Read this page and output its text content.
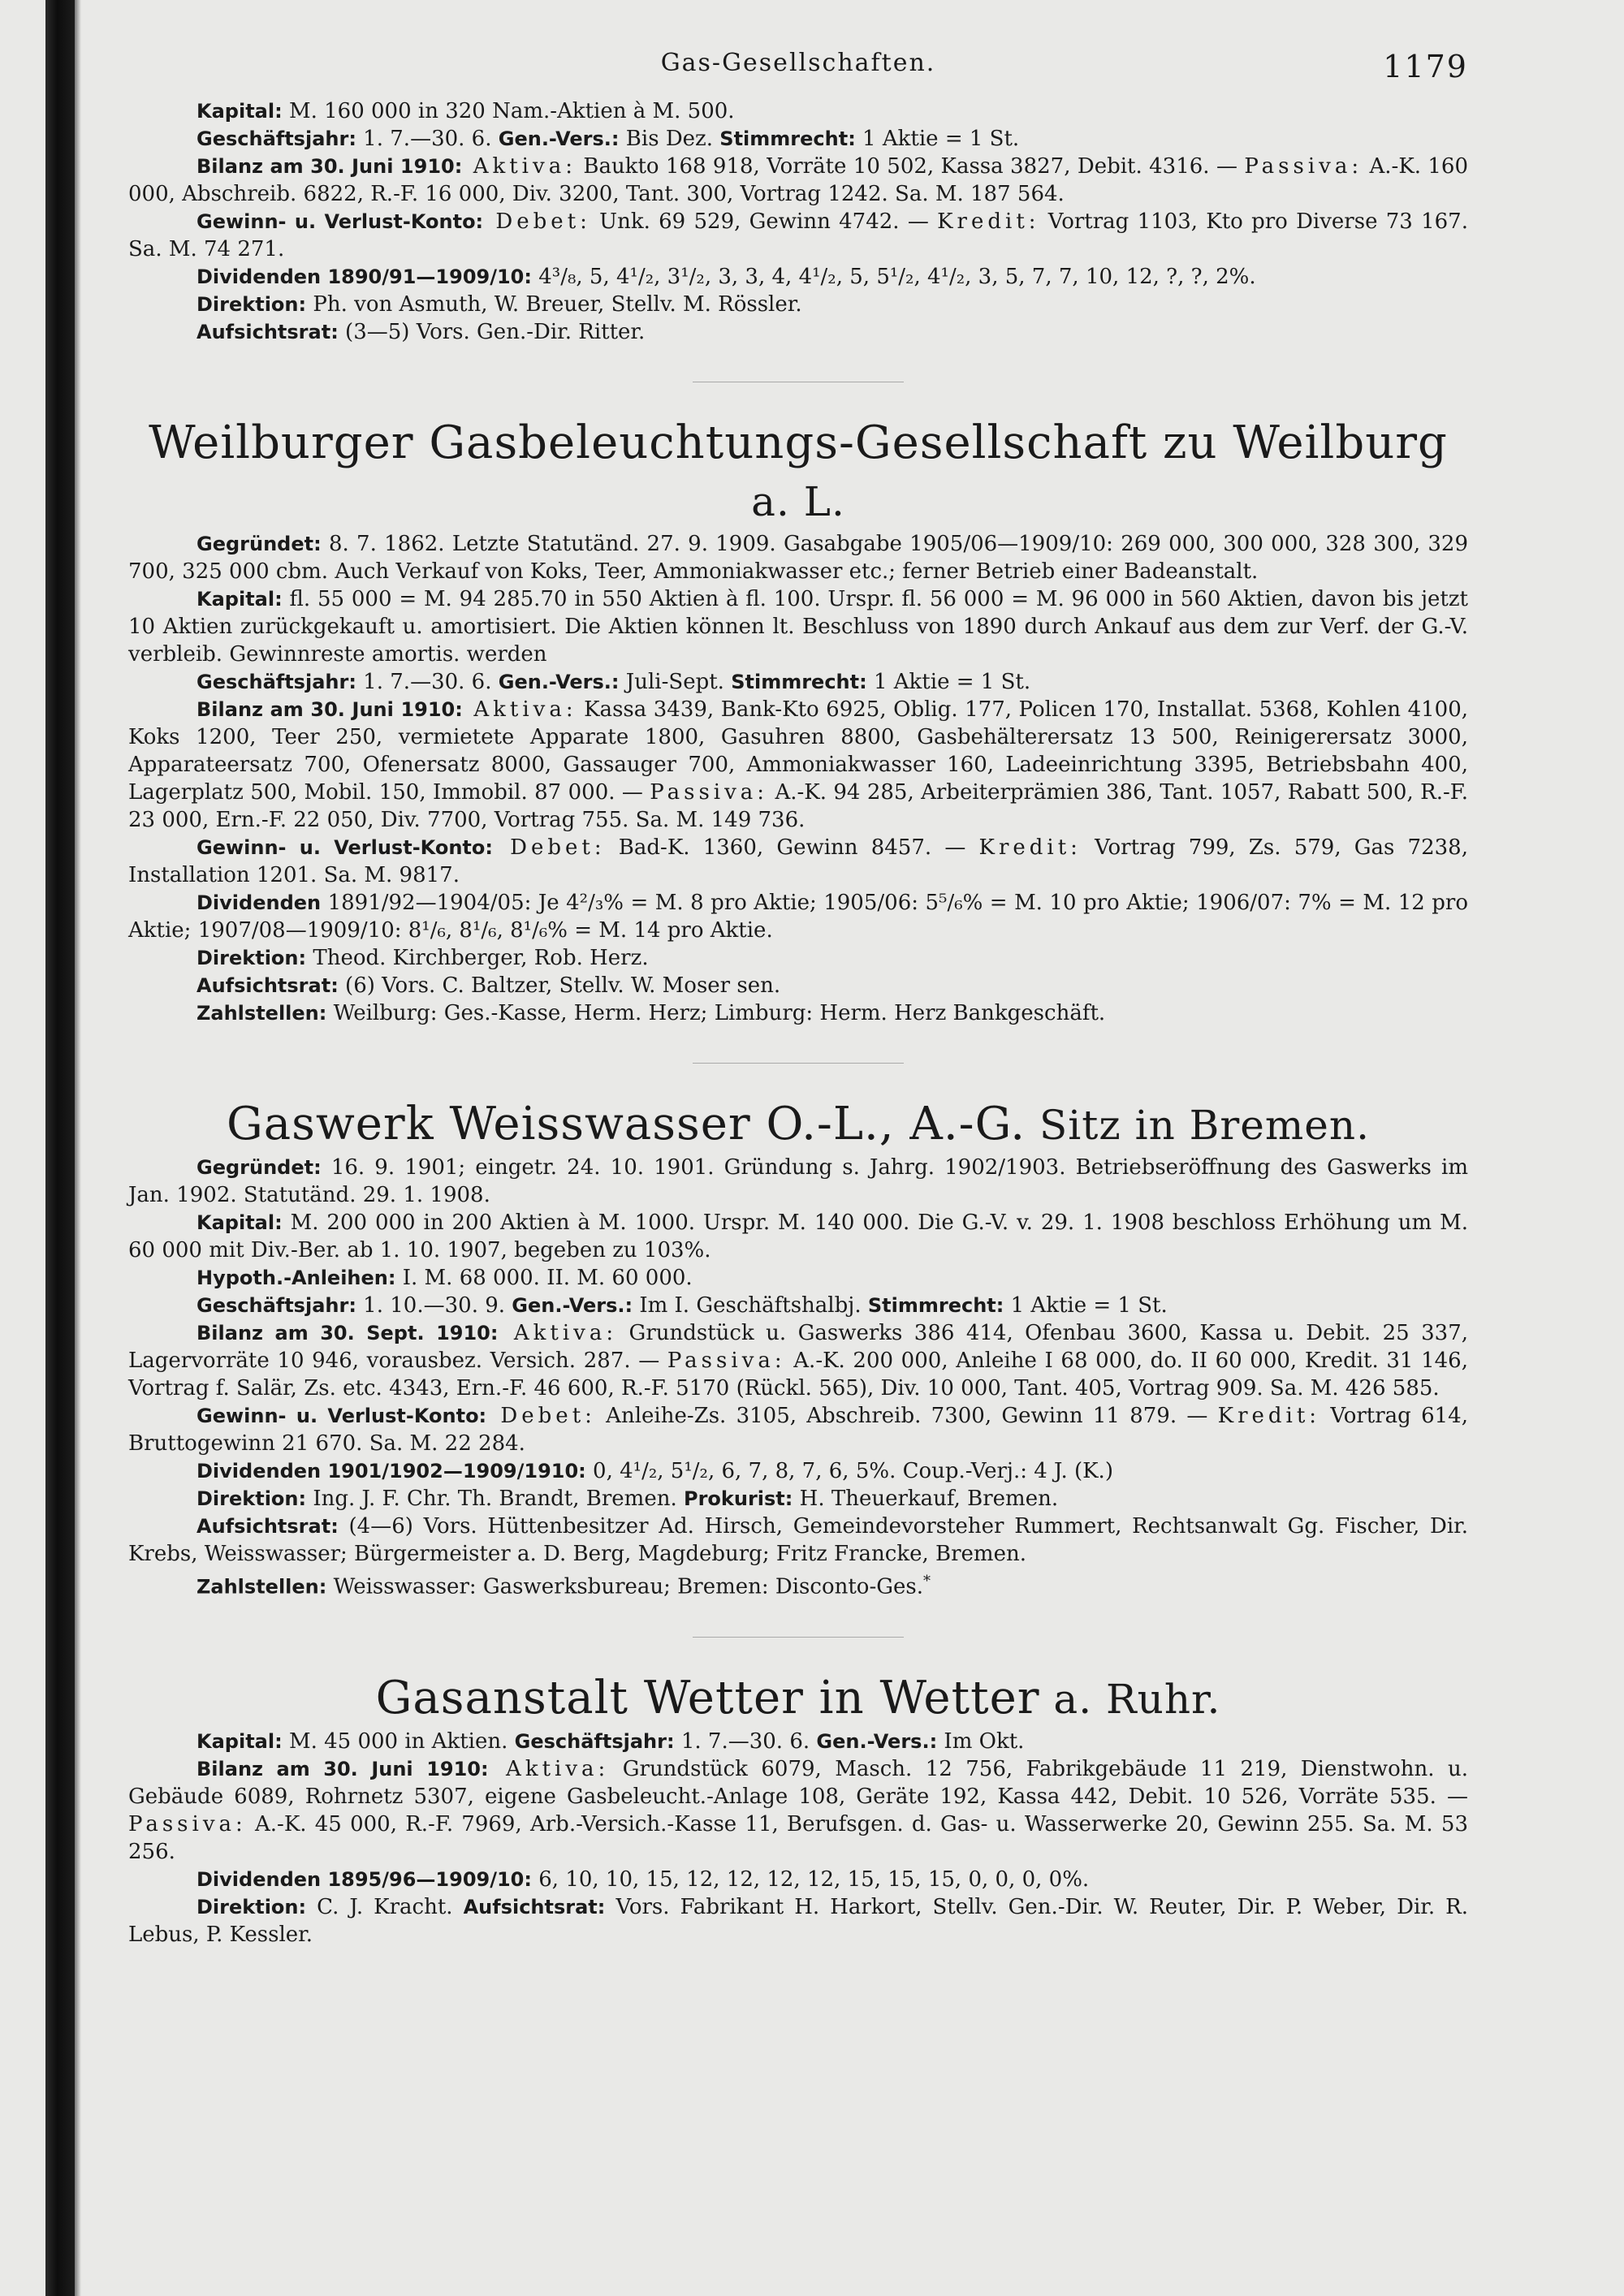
Gas-Gesellschaften.	1179

Kapital: M. 160 000 in 320 Nam.-Aktien à M. 500.

Geschäftsjahr: 1. 7.—30. 6. Gen.-Vers.: Bis Dez. Stimmrecht: 1 Aktie = 1 St.

Bilanz am 30. Juni 1910: Aktiva: Baukto 168 918, Vorräte 10 502, Kassa 3827, Debit. 4316. — Passiva: A.-K. 160 000, Abschreib. 6822, R.-F. 16 000, Div. 3200, Tant. 300, Vortrag 1242. Sa. M. 187 564.

Gewinn- u. Verlust-Konto: Debet: Unk. 69 529, Gewinn 4742. — Kredit: Vortrag 1103, Kto pro Diverse 73 167. Sa. M. 74 271.

Dividenden 1890/91—1909/10: 4³/₈, 5, 4¹/₂, 3¹/₂, 3, 3, 4, 4¹/₂, 5, 5¹/₂, 4¹/₂, 3, 5, 7, 7, 10, 12, ?, ?, 2%.

Direktion: Ph. von Asmuth, W. Breuer, Stellv. M. Rössler.

Aufsichtsrat: (3—5) Vors. Gen.-Dir. Ritter.

Weilburger Gasbeleuchtungs-Gesellschaft zu Weilburg a. L.

Gegründet: 8. 7. 1862. Letzte Statutänd. 27. 9. 1909. Gasabgabe 1905/06—1909/10: 269 000, 300 000, 328 300, 329 700, 325 000 cbm. Auch Verkauf von Koks, Teer, Ammoniakwasser etc.; ferner Betrieb einer Badeanstalt.

Kapital: fl. 55 000 = M. 94 285.70 in 550 Aktien à fl. 100. Urspr. fl. 56 000 = M. 96 000 in 560 Aktien, davon bis jetzt 10 Aktien zurückgekauft u. amortisiert. Die Aktien können lt. Beschluss von 1890 durch Ankauf aus dem zur Verf. der G.-V. verbleib. Gewinnreste amortis. werden

Geschäftsjahr: 1. 7.—30. 6. Gen.-Vers.: Juli-Sept. Stimmrecht: 1 Aktie = 1 St.

Bilanz am 30. Juni 1910: Aktiva: Kassa 3439, Bank-Kto 6925, Oblig. 177, Policen 170, Installat. 5368, Kohlen 4100, Koks 1200, Teer 250, vermietete Apparate 1800, Gasuhren 8800, Gasbehälterersatz 13 500, Reinigerersatz 3000, Apparateersatz 700, Ofenersatz 8000, Gassauger 700, Ammoniakwasser 160, Ladeeinrichtung 3395, Betriebsbahn 400, Lagerplatz 500, Mobil. 150, Immobil. 87 000. — Passiva: A.-K. 94 285, Arbeiterprämien 386, Tant. 1057, Rabatt 500, R.-F. 23 000, Ern.-F. 22 050, Div. 7700, Vortrag 755. Sa. M. 149 736.

Gewinn- u. Verlust-Konto: Debet: Bad-K. 1360, Gewinn 8457. — Kredit: Vortrag 799, Zs. 579, Gas 7238, Installation 1201. Sa. M. 9817.

Dividenden 1891/92—1904/05: Je 4²/₃% = M. 8 pro Aktie; 1905/06: 5⁵/₆% = M. 10 pro Aktie; 1906/07: 7% = M. 12 pro Aktie; 1907/08—1909/10: 8¹/₆, 8¹/₆, 8¹/₆% = M. 14 pro Aktie.

Direktion: Theod. Kirchberger, Rob. Herz.

Aufsichtsrat: (6) Vors. C. Baltzer, Stellv. W. Moser sen.

Zahlstellen: Weilburg: Ges.-Kasse, Herm. Herz; Limburg: Herm. Herz Bankgeschäft.

Gaswerk Weisswasser O.-L., A.-G. Sitz in Bremen.

Gegründet: 16. 9. 1901; eingetr. 24. 10. 1901. Gründung s. Jahrg. 1902/1903. Betriebseröffnung des Gaswerks im Jan. 1902. Statutänd. 29. 1. 1908.

Kapital: M. 200 000 in 200 Aktien à M. 1000. Urspr. M. 140 000. Die G.-V. v. 29. 1. 1908 beschloss Erhöhung um M. 60 000 mit Div.-Ber. ab 1. 10. 1907, begeben zu 103%.

Hypoth.-Anleihen: I. M. 68 000. II. M. 60 000.

Geschäftsjahr: 1. 10.—30. 9. Gen.-Vers.: Im I. Geschäftshalbj. Stimmrecht: 1 Aktie = 1 St.

Bilanz am 30. Sept. 1910: Aktiva: Grundstück u. Gaswerks 386 414, Ofenbau 3600, Kassa u. Debit. 25 337, Lagervorräte 10 946, vorausbez. Versich. 287. — Passiva: A.-K. 200 000, Anleihe I 68 000, do. II 60 000, Kredit. 31 146, Vortrag f. Salär, Zs. etc. 4343, Ern.-F. 46 600, R.-F. 5170 (Rückl. 565), Div. 10 000, Tant. 405, Vortrag 909. Sa. M. 426 585.

Gewinn- u. Verlust-Konto: Debet: Anleihe-Zs. 3105, Abschreib. 7300, Gewinn 11 879. — Kredit: Vortrag 614, Bruttogewinn 21 670. Sa. M. 22 284.

Dividenden 1901/1902—1909/1910: 0, 4¹/₂, 5¹/₂, 6, 7, 8, 7, 6, 5%. Coup.-Verj.: 4 J. (K.)

Direktion: Ing. J. F. Chr. Th. Brandt, Bremen. Prokurist: H. Theuerkauf, Bremen.

Aufsichtsrat: (4—6) Vors. Hüttenbesitzer Ad. Hirsch, Gemeindevorsteher Rummert, Rechtsanwalt Gg. Fischer, Dir. Krebs, Weisswasser; Bürgermeister a. D. Berg, Magdeburg; Fritz Francke, Bremen.

Zahlstellen: Weisswasser: Gaswerksbureau; Bremen: Disconto-Ges.*

Gasanstalt Wetter in Wetter a. Ruhr.

Kapital: M. 45 000 in Aktien. Geschäftsjahr: 1. 7.—30. 6. Gen.-Vers.: Im Okt.

Bilanz am 30. Juni 1910: Aktiva: Grundstück 6079, Masch. 12 756, Fabrikgebäude 11 219, Dienstwohn. u. Gebäude 6089, Rohrnetz 5307, eigene Gasbeleucht.-Anlage 108, Geräte 192, Kassa 442, Debit. 10 526, Vorräte 535. — Passiva: A.-K. 45 000, R.-F. 7969, Arb.-Versich.-Kasse 11, Berufsgen. d. Gas- u. Wasserwerke 20, Gewinn 255. Sa. M. 53 256.

Dividenden 1895/96—1909/10: 6, 10, 10, 15, 12, 12, 12, 12, 15, 15, 15, 0, 0, 0, 0%.

Direktion: C. J. Kracht. Aufsichtsrat: Vors. Fabrikant H. Harkort, Stellv. Gen.-Dir. W. Reuter, Dir. P. Weber, Dir. R. Lebus, P. Kessler.
